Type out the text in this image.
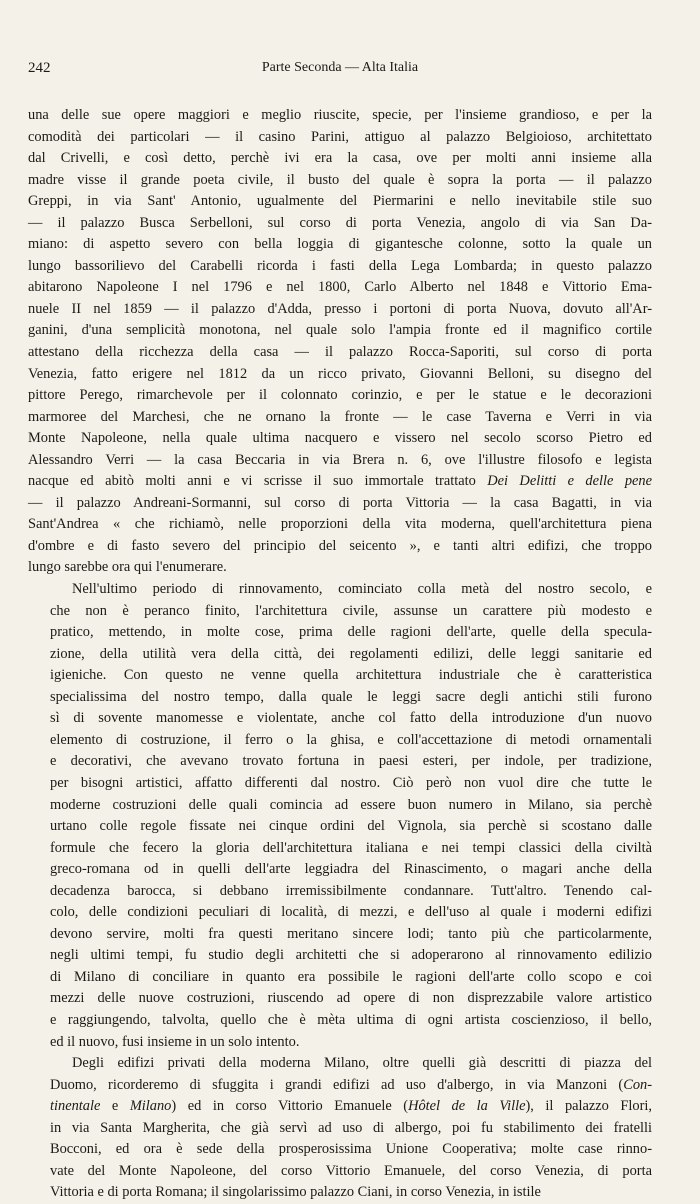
242	Parte Seconda — Alta Italia
una delle sue opere maggiori e meglio riuscite, specie, per l'insieme grandioso, e per la
comodità dei particolari — il casino Parini, attiguo al palazzo Belgioioso, architettato
dal Crivelli, e così detto, perchè ivi era la casa, ove per molti anni insieme alla
madre visse il grande poeta civile, il busto del quale è sopra la porta — il palazzo
Greppi, in via Sant' Antonio, ugualmente del Piermarini e nello inevitabile stile suo
— il palazzo Busca Serbelloni, sul corso di porta Venezia, angolo di via San Da-
miano: di aspetto severo con bella loggia di gigantesche colonne, sotto la quale un
lungo bassorilievo del Carabelli ricorda i fasti della Lega Lombarda; in questo palazzo
abitarono Napoleone I nel 1796 e nel 1800, Carlo Alberto nel 1848 e Vittorio Ema-
nuele II nel 1859 — il palazzo d'Adda, presso i portoni di porta Nuova, dovuto all'Ar-
ganini, d'una semplicità monotona, nel quale solo l'ampia fronte ed il magnifico cortile
attestano della ricchezza della casa — il palazzo Rocca-Saporiti, sul corso di porta
Venezia, fatto erigere nel 1812 da un ricco privato, Giovanni Belloni, su disegno del
pittore Perego, rimarchevole per il colonnato corinzio, e per le statue e le decorazioni
marmoree del Marchesi, che ne ornano la fronte — le case Taverna e Verri in via
Monte Napoleone, nella quale ultima nacquero e vissero nel secolo scorso Pietro ed
Alessandro Verri — la casa Beccaria in via Brera n. 6, ove l'illustre filosofo e legista
nacque ed abitò molti anni e vi scrisse il suo immortale trattato Dei Delitti e delle pene
— il palazzo Andreani-Sormanni, sul corso di porta Vittoria — la casa Bagatti, in via
Sant'Andrea « che richiamò, nelle proporzioni della vita moderna, quell'architettura piena
d'ombre e di fasto severo del principio del seicento », e tanti altri edifizi, che troppo
lungo sarebbe ora qui l'enumerare.
Nell'ultimo periodo di rinnovamento, cominciato colla metà del nostro secolo, e
che non è peranco finito, l'architettura civile, assunse un carattere più modesto e
pratico, mettendo, in molte cose, prima delle ragioni dell'arte, quelle della specula-
zione, della utilità vera della città, dei regolamenti edilizi, delle leggi sanitarie ed
igieniche. Con questo ne venne quella architettura industriale che è caratteristica
specialissima del nostro tempo, dalla quale le leggi sacre degli antichi stili furono
sì di sovente manomesse e violentate, anche col fatto della introduzione d'un nuovo
elemento di costruzione, il ferro o la ghisa, e coll'accettazione di metodi ornamentali
e decorativi, che avevano trovato fortuna in paesi esteri, per indole, per tradizione,
per bisogni artistici, affatto differenti dal nostro. Ciò però non vuol dire che tutte le
moderne costruzioni delle quali comincia ad essere buon numero in Milano, sia perchè
urtano colle regole fissate nei cinque ordini del Vignola, sia perchè si scostano dalle
formule che fecero la gloria dell'architettura italiana e nei tempi classici della civiltà
greco-romana od in quelli dell'arte leggiadra del Rinascimento, o magari anche della
decadenza barocca, si debbano irremissibilmente condannare. Tutt'altro. Tenendo cal-
colo, delle condizioni peculiari di località, di mezzi, e dell'uso al quale i moderni edifizi
devono servire, molti fra questi meritano sincere lodi; tanto più che particolarmente,
negli ultimi tempi, fu studio degli architetti che si adoperarono al rinnovamento edilizio
di Milano di conciliare in quanto era possibile le ragioni dell'arte collo scopo e coi
mezzi delle nuove costruzioni, riuscendo ad opere di non disprezzabile valore artistico
e raggiungendo, talvolta, quello che è mèta ultima di ogni artista coscienzioso, il bello,
ed il nuovo, fusi insieme in un solo intento.
Degli edifizi privati della moderna Milano, oltre quelli già descritti di piazza del
Duomo, ricorderemo di sfuggita i grandi edifizi ad uso d'albergo, in via Manzoni (Con-
tinentale e Milano) ed in corso Vittorio Emanuele (Hôtel de la Ville), il palazzo Flori,
in via Santa Margherita, che già servì ad uso di albergo, poi fu stabilimento dei fratelli
Bocconi, ed ora è sede della prosperosissima Unione Cooperativa; molte case rinno-
vate del Monte Napoleone, del corso Vittorio Emanuele, del corso Venezia, di porta
Vittoria e di porta Romana; il singolarissimo palazzo Ciani, in corso Venezia, in istile
